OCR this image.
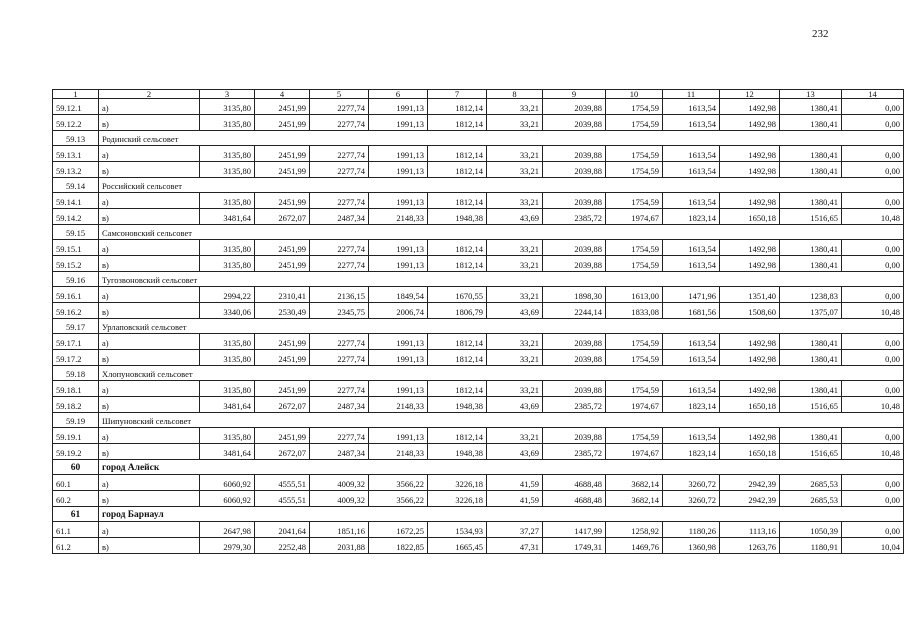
232
1	2	3	4	5	6	7	8	9	10	11	12	13	14
59.12.1	а)	3135,80	2451,99	2277,74	1991,13	1812,14	33,21	2039,88	1754,59	1613,54	1492,98	1380,41	0,00
59.12.2	в)	3135,80	2451,99	2277,74	1991,13	1812,14	33,21	2039,88	1754,59	1613,54	1492,98	1380,41	0,00
59.13	Родинский сельсовет												
59.13.1	а)	3135,80	2451,99	2277,74	1991,13	1812,14	33,21	2039,88	1754,59	1613,54	1492,98	1380,41	0,00
59.13.2	в)	3135,80	2451,99	2277,74	1991,13	1812,14	33,21	2039,88	1754,59	1613,54	1492,98	1380,41	0,00
59.14	Российский сельсовет												
59.14.1	а)	3135,80	2451,99	2277,74	1991,13	1812,14	33,21	2039,88	1754,59	1613,54	1492,98	1380,41	0,00
59.14.2	в)	3481,64	2672,07	2487,34	2148,33	1948,38	43,69	2385,72	1974,67	1823,14	1650,18	1516,65	10,48
59.15	Самсоновский сельсовет												
59.15.1	а)	3135,80	2451,99	2277,74	1991,13	1812,14	33,21	2039,88	1754,59	1613,54	1492,98	1380,41	0,00
59.15.2	в)	3135,80	2451,99	2277,74	1991,13	1812,14	33,21	2039,88	1754,59	1613,54	1492,98	1380,41	0,00
59.16	Тугозвоновский сельсовет												
59.16.1	а)	2994,22	2310,41	2136,15	1849,54	1670,55	33,21	1898,30	1613,00	1471,96	1351,40	1238,83	0,00
59.16.2	в)	3340,06	2530,49	2345,75	2006,74	1806,79	43,69	2244,14	1833,08	1681,56	1508,60	1375,07	10,48
59.17	Урлаповский сельсовет												
59.17.1	а)	3135,80	2451,99	2277,74	1991,13	1812,14	33,21	2039,88	1754,59	1613,54	1492,98	1380,41	0,00
59.17.2	в)	3135,80	2451,99	2277,74	1991,13	1812,14	33,21	2039,88	1754,59	1613,54	1492,98	1380,41	0,00
59.18	Хлопуновский сельсовет												
59.18.1	а)	3135,80	2451,99	2277,74	1991,13	1812,14	33,21	2039,88	1754,59	1613,54	1492,98	1380,41	0,00
59.18.2	в)	3481,64	2672,07	2487,34	2148,33	1948,38	43,69	2385,72	1974,67	1823,14	1650,18	1516,65	10,48
59.19	Шипуновский сельсовет												
59.19.1	а)	3135,80	2451,99	2277,74	1991,13	1812,14	33,21	2039,88	1754,59	1613,54	1492,98	1380,41	0,00
59.19.2	в)	3481,64	2672,07	2487,34	2148,33	1948,38	43,69	2385,72	1974,67	1823,14	1650,18	1516,65	10,48
60	город Алейск												
60.1	а)	6060,92	4555,51	4009,32	3566,22	3226,18	41,59	4688,48	3682,14	3260,72	2942,39	2685,53	0,00
60.2	в)	6060,92	4555,51	4009,32	3566,22	3226,18	41,59	4688,48	3682,14	3260,72	2942,39	2685,53	0,00
61	город Барнаул												
61.1	а)	2647,98	2041,64	1851,16	1672,25	1534,93	37,27	1417,99	1258,92	1180,26	1113,16	1050,39	0,00
61.2	в)	2979,30	2252,48	2031,88	1822,85	1665,45	47,31	1749,31	1469,76	1360,98	1263,76	1180,91	10,04
